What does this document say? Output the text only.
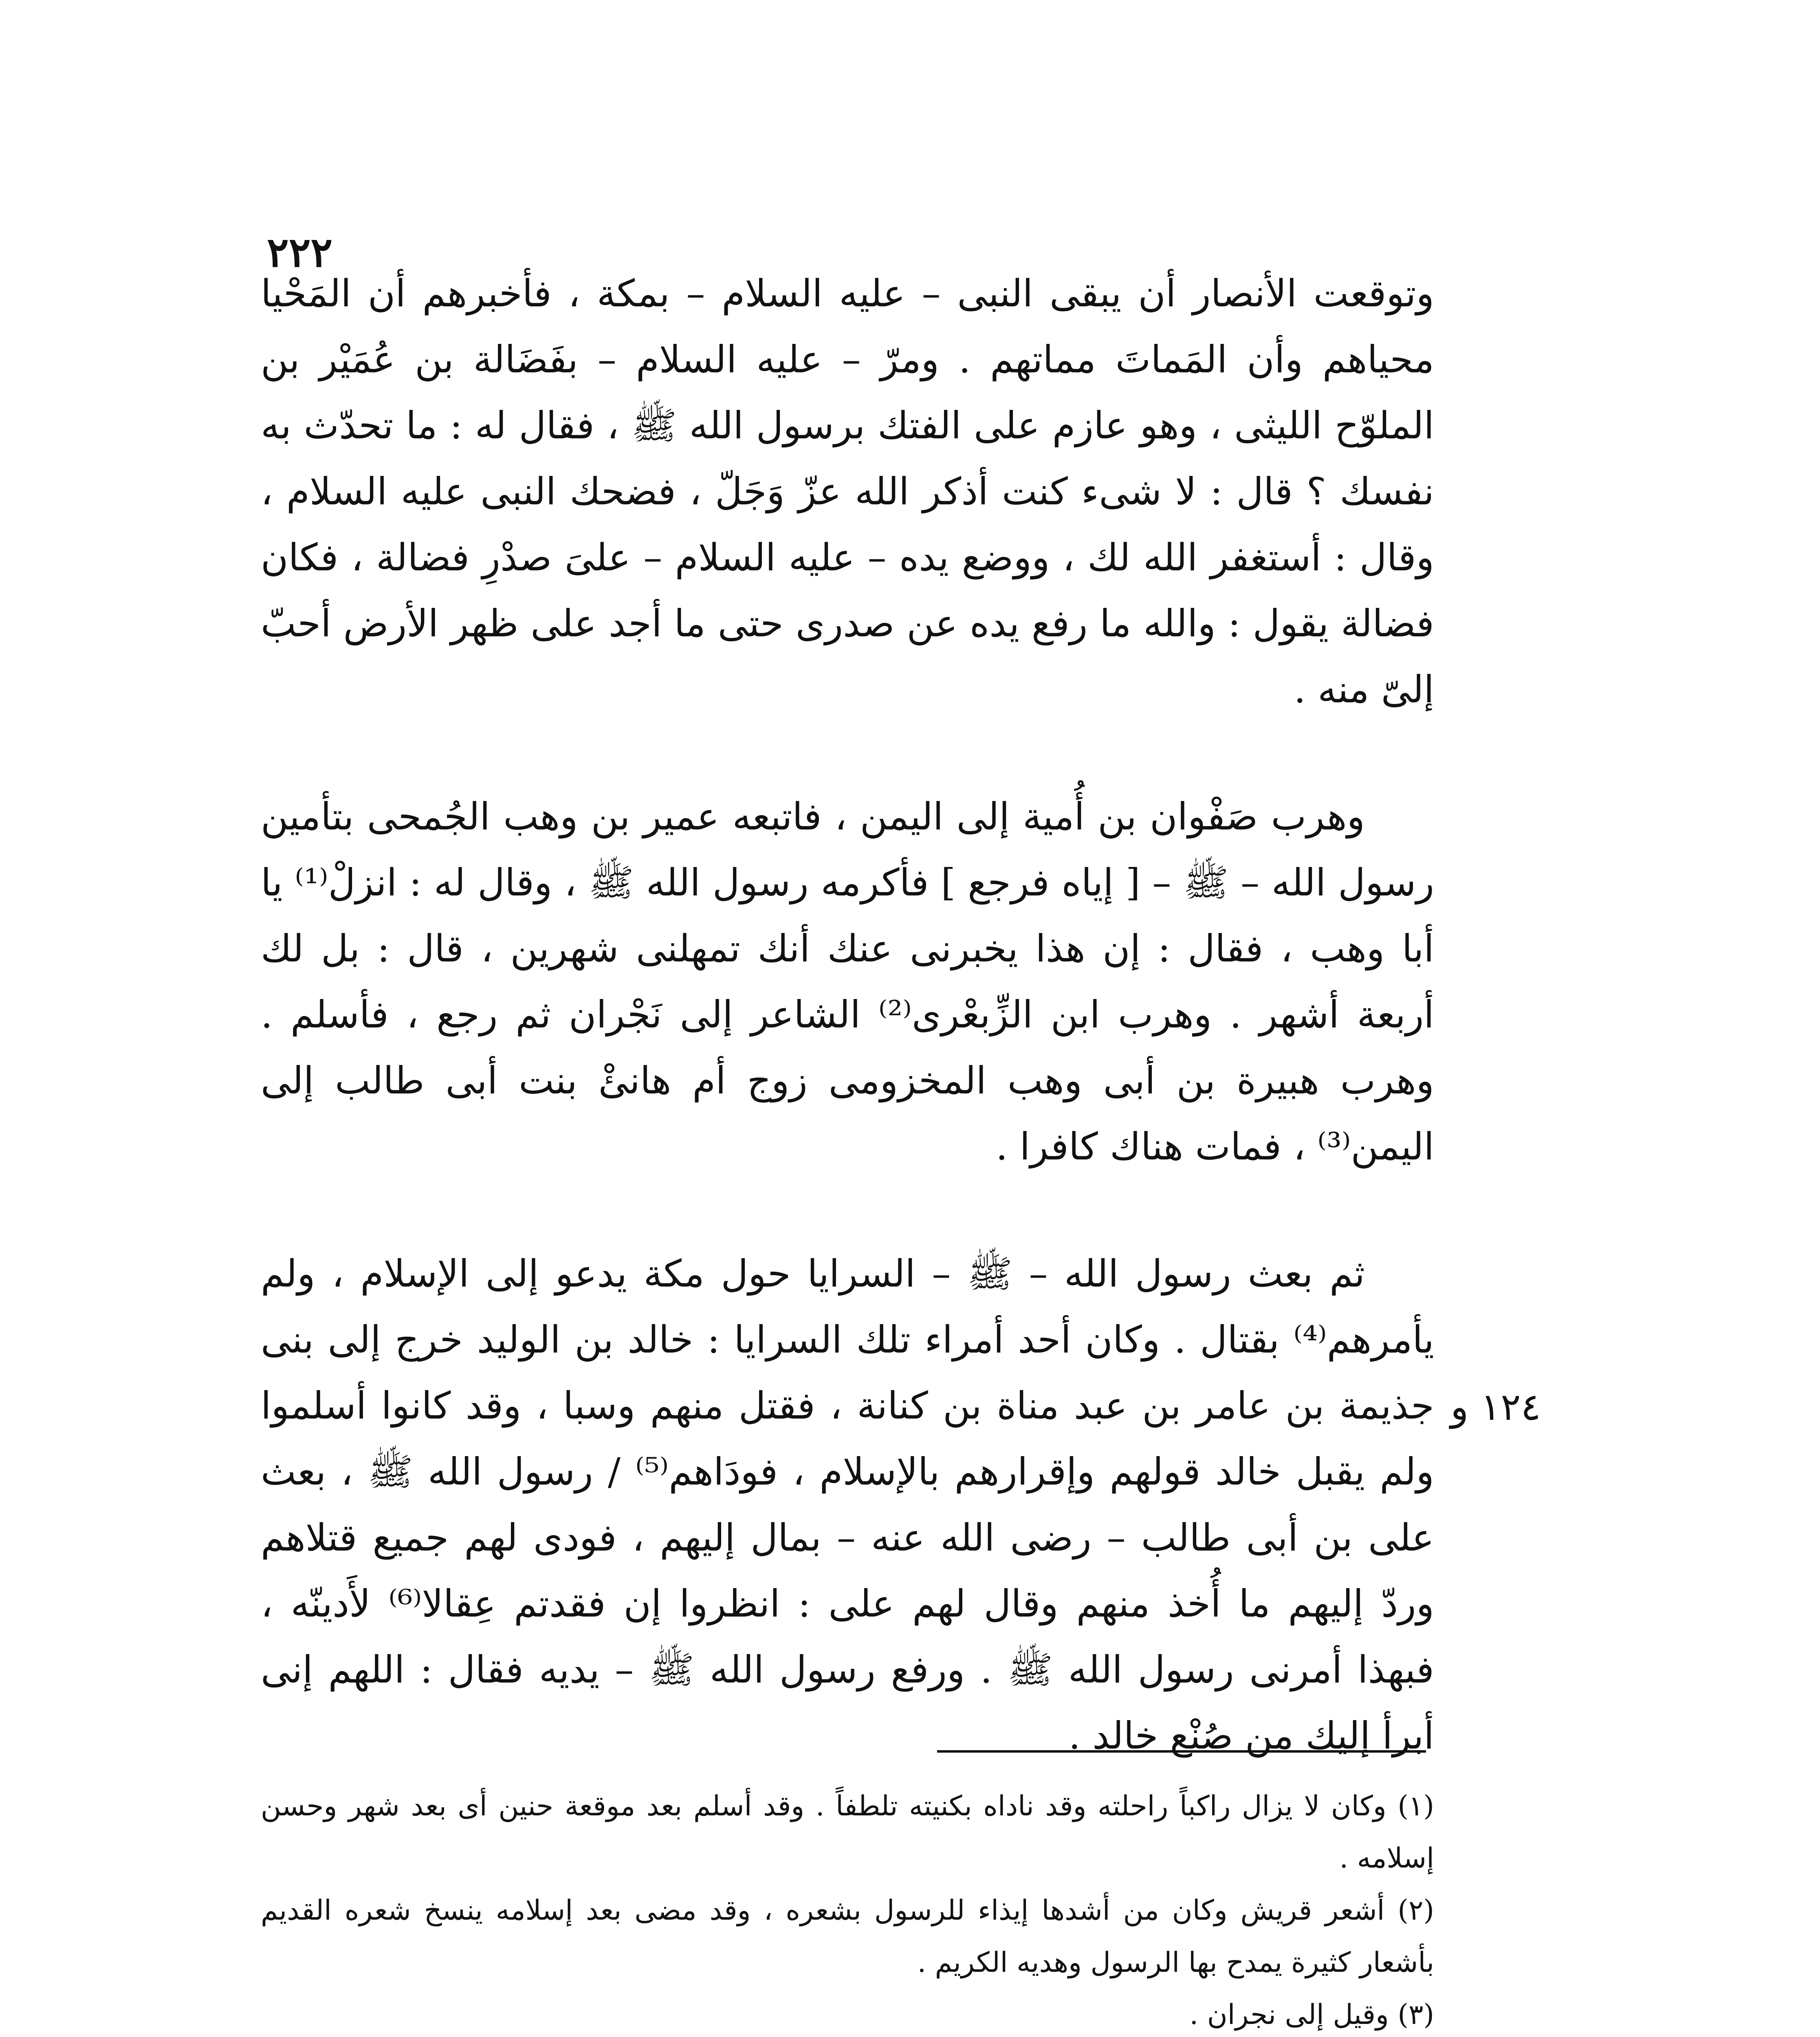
٢٢٢

وتوقعت الأنصار أن يبقى النبى – عليه السلام – بمكة ، فأخبرهم أن المَحْيا محياهم وأن المَماتَ مماتهم . ومرّ – عليه السلام – بفَضَالة بن عُمَيْر بن الملوّح الليثى ، وهو عازم على الفتك برسول الله ﷺ ، فقال له : ما تحدّث به نفسك ؟ قال : لا شىء كنت أذكر الله عزّ وَجَلّ ، فضحك النبى عليه السلام ، وقال : أستغفر الله لك ، ووضع يده – عليه السلام – علىَ صدْرِ فضالة ، فكان فضالة يقول : والله ما رفع يده عن صدرى حتى ما أجد على ظهر الأرض أحبّ إلىّ منه .

وهرب صَفْوان بن أُمية إلى اليمن ، فاتبعه عمير بن وهب الجُمحى بتأمين رسول الله – ﷺ – [ إياه فرجع ] فأكرمه رسول الله ﷺ ، وقال له : انزلْ⁽¹⁾ يا أبا وهب ، فقال : إن هذا يخبرنى عنك أنك تمهلنى شهرين ، قال : بل لك أربعة أشهر . وهرب ابن الزِّبعْرى⁽²⁾ الشاعر إلى نَجْران ثم رجع ، فأسلم . وهرب هبيرة بن أبى وهب المخزومى زوج أم هانئْ بنت أبى طالب إلى اليمن⁽³⁾ ، فمات هناك كافرا .

ثم بعث رسول الله – ﷺ – السرايا حول مكة يدعو إلى الإسلام ، ولم يأمرهم⁽⁴⁾ بقتال . وكان أحد أمراء تلك السرايا : خالد بن الوليد خرج إلى بنى جذيمة بن عامر بن عبد مناة بن كنانة ، فقتل منهم وسبا ، وقد كانوا أسلموا ولم يقبل خالد قولهم وإقرارهم بالإسلام ، فودَاهم⁽⁵⁾ / رسول الله ﷺ ، بعث على بن أبى طالب – رضى الله عنه – بمال إليهم ، فودى لهم جميع قتلاهم وردّ إليهم ما أُخذ منهم وقال لهم على : انظروا إن فقدتم عِقالا⁽⁶⁾ لأَدينّه ، فبهذا أمرنى رسول الله ﷺ . ورفع رسول الله ﷺ – يديه فقال : اللهم إنى أبرأ إليك من صُنْع خالد .

١٢٤ و

(١) وكان لا يزال راكباً راحلته وقد ناداه بكنيته تلطفاً . وقد أسلم بعد موقعة حنين أى بعد شهر وحسن إسلامه .

(٢) أشعر قريش وكان من أشدها إيذاء للرسول بشعره ، وقد مضى بعد إسلامه ينسخ شعره القديم بأشعار كثيرة يمدح بها الرسول وهديه الكريم .

(٣) وقيل إلى نجران .
